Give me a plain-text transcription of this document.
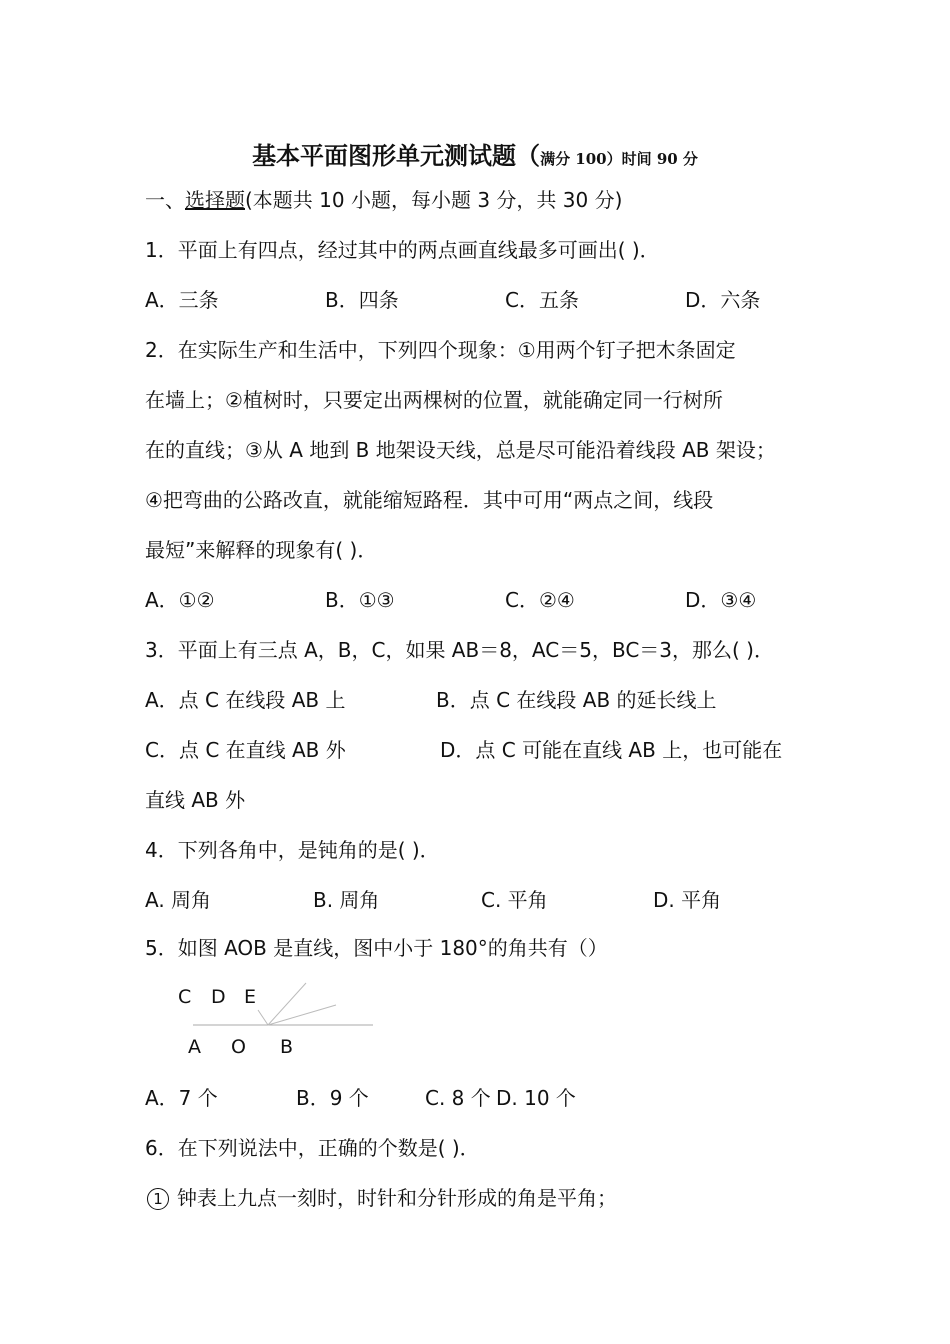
基本平面图形单元测试题（满分 100）时间 90 分
一、选择题(本题共 10 小题，每小题 3 分，共 30 分)
1．平面上有四点，经过其中的两点画直线最多可画出( )．
A．三条	B．四条	C．五条	D．六条
2．在实际生产和生活中，下列四个现象：①用两个钉子把木条固定
在墙上；②植树时，只要定出两棵树的位置，就能确定同一行树所
在的直线；③从 A 地到 B 地架设天线，总是尽可能沿着线段 AB 架设；
④把弯曲的公路改直，就能缩短路程．其中可用“两点之间，线段
最短”来解释的现象有( )．
A．①②	B．①③	C．②④	D．③④
3．平面上有三点 A，B，C，如果 AB＝8，AC＝5，BC＝3，那么( )．
A．点 C 在线段 AB 上	B．点 C 在线段 AB 的延长线上
C．点 C 在直线 AB 外	D．点 C 可能在直线 AB 上，也可能在
直线 AB 外
4．下列各角中，是钝角的是( )．
A. 周角	B. 周角	C. 平角	D. 平角
5．如图 AOB 是直线，图中小于 180°的角共有（）
C D E
A O B
A．7 个	B．9 个	C. 8 个 D. 10 个
6．在下列说法中，正确的个数是( )．
1 钟表上九点一刻时，时针和分针形成的角是平角；
